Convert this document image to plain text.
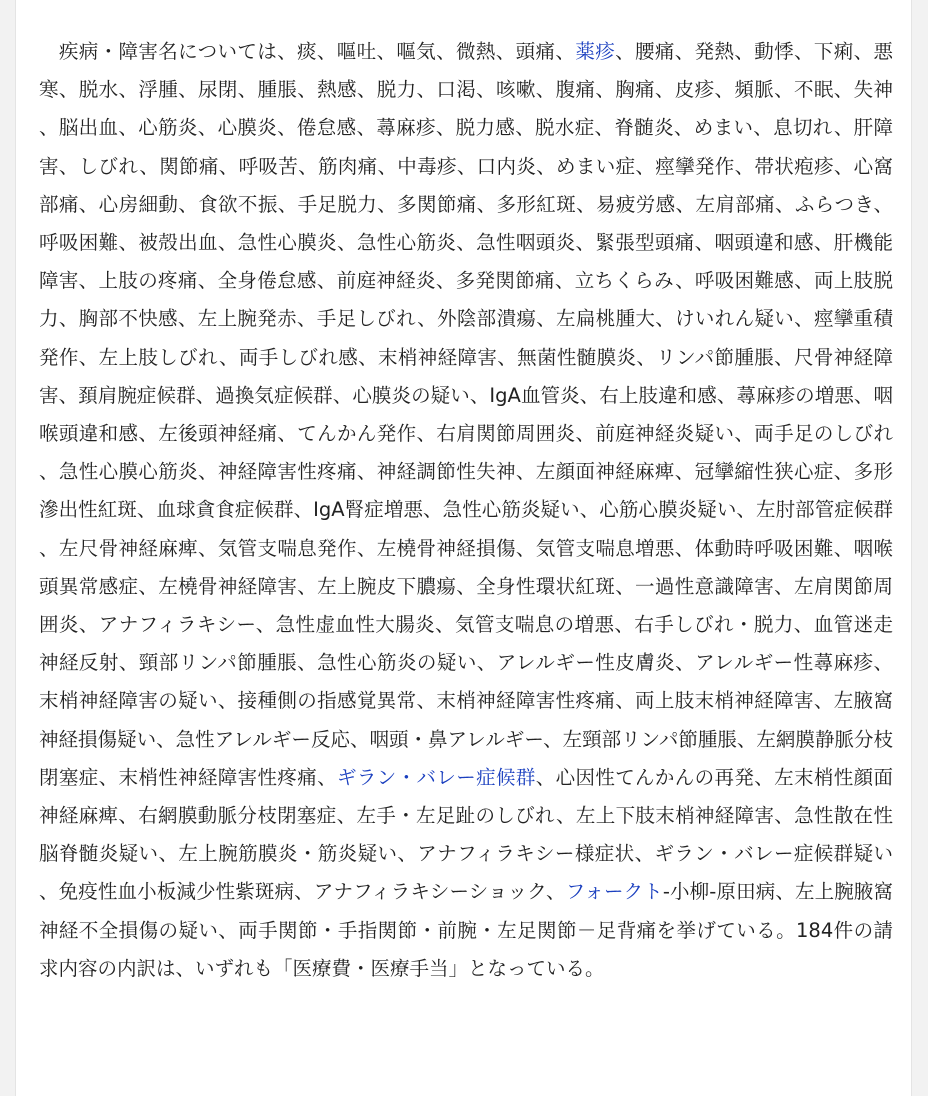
　疾病・障害名については、痰、嘔吐、嘔気、微熱、頭痛、薬疹、腰痛、発熱、動悸、下痢、悪寒、脱水、浮腫、尿閉、腫脹、熱感、脱力、口渇、咳嗽、腹痛、胸痛、皮疹、頻脈、不眠、失神、脳出血、心筋炎、心膜炎、倦怠感、蕁麻疹、脱力感、脱水症、脊髄炎、めまい、息切れ、肝障害、しびれ、関節痛、呼吸苦、筋肉痛、中毒疹、口内炎、めまい症、痙攣発作、帯状疱疹、心窩部痛、心房細動、食欲不振、手足脱力、多関節痛、多形紅斑、易疲労感、左肩部痛、ふらつき、呼吸困難、被殻出血、急性心膜炎、急性心筋炎、急性咽頭炎、緊張型頭痛、咽頭違和感、肝機能障害、上肢の疼痛、全身倦怠感、前庭神経炎、多発関節痛、立ちくらみ、呼吸困難感、両上肢脱力、胸部不快感、左上腕発赤、手足しびれ、外陰部潰瘍、左扁桃腫大、けいれん疑い、痙攣重積発作、左上肢しびれ、両手しびれ感、末梢神経障害、無菌性髄膜炎、リンパ節腫脹、尺骨神経障害、頚肩腕症候群、過換気症候群、心膜炎の疑い、IgA血管炎、右上肢違和感、蕁麻疹の増悪、咽喉頭違和感、左後頭神経痛、てんかん発作、右肩関節周囲炎、前庭神経炎疑い、両手足のしびれ、急性心膜心筋炎、神経障害性疼痛、神経調節性失神、左顔面神経麻痺、冠攣縮性狭心症、多形滲出性紅斑、血球貪食症候群、IgA腎症増悪、急性心筋炎疑い、心筋心膜炎疑い、左肘部管症候群、左尺骨神経麻痺、気管支喘息発作、左橈骨神経損傷、気管支喘息増悪、体動時呼吸困難、咽喉頭異常感症、左橈骨神経障害、左上腕皮下膿瘍、全身性環状紅斑、一過性意識障害、左肩関節周囲炎、アナフィラキシー、急性虚血性大腸炎、気管支喘息の増悪、右手しびれ・脱力、血管迷走神経反射、頸部リンパ節腫脹、急性心筋炎の疑い、アレルギー性皮膚炎、アレルギー性蕁麻疹、末梢神経障害の疑い、接種側の指感覚異常、末梢神経障害性疼痛、両上肢末梢神経障害、左腋窩神経損傷疑い、急性アレルギー反応、咽頭・鼻アレルギー、左頸部リンパ節腫脹、左網膜静脈分枝閉塞症、末梢性神経障害性疼痛、ギラン・バレー症候群、心因性てんかんの再発、左末梢性顔面神経麻痺、右網膜動脈分枝閉塞症、左手・左足趾のしびれ、左上下肢末梢神経障害、急性散在性脳脊髄炎疑い、左上腕筋膜炎・筋炎疑い、アナフィラキシー様症状、ギラン・バレー症候群疑い、免疫性血小板減少性紫斑病、アナフィラキシーショック、フォークト-小柳-原田病、左上腕腋窩神経不全損傷の疑い、両手関節・手指関節・前腕・左足関節－足背痛を挙げている。184件の請求内容の内訳は、いずれも「医療費・医療手当」となっている。
